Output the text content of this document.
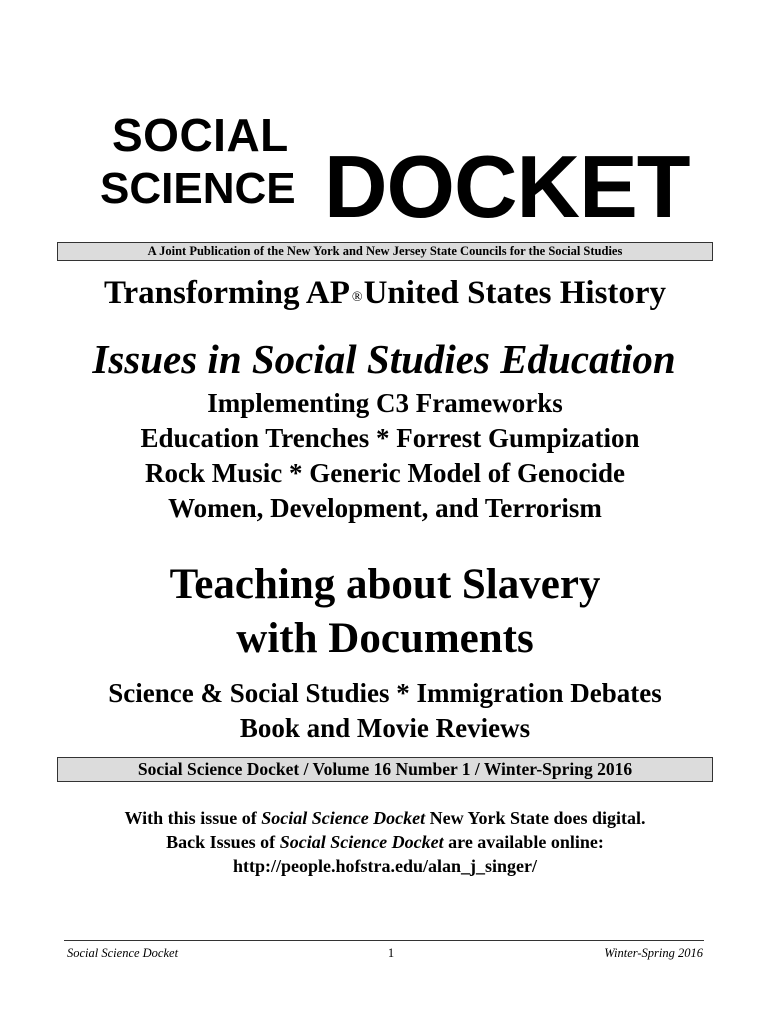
SOCIAL
SCIENCE DOCKET
A Joint Publication of the New York and New Jersey State Councils for the Social Studies
Transforming AP ®United States History
Issues in Social Studies Education
Implementing C3 Frameworks
Education Trenches * Forrest Gumpization
Rock Music * Generic Model of Genocide
Women, Development, and Terrorism
Teaching about Slavery
with Documents
Science & Social Studies * Immigration Debates
Book and Movie Reviews
Social Science Docket / Volume 16 Number 1 / Winter-Spring 2016
With this issue of Social Science Docket New York State does digital.
Back Issues of Social Science Docket are available online:
http://people.hofstra.edu/alan_j_singer/
Social Science Docket	1	Winter-Spring 2016
